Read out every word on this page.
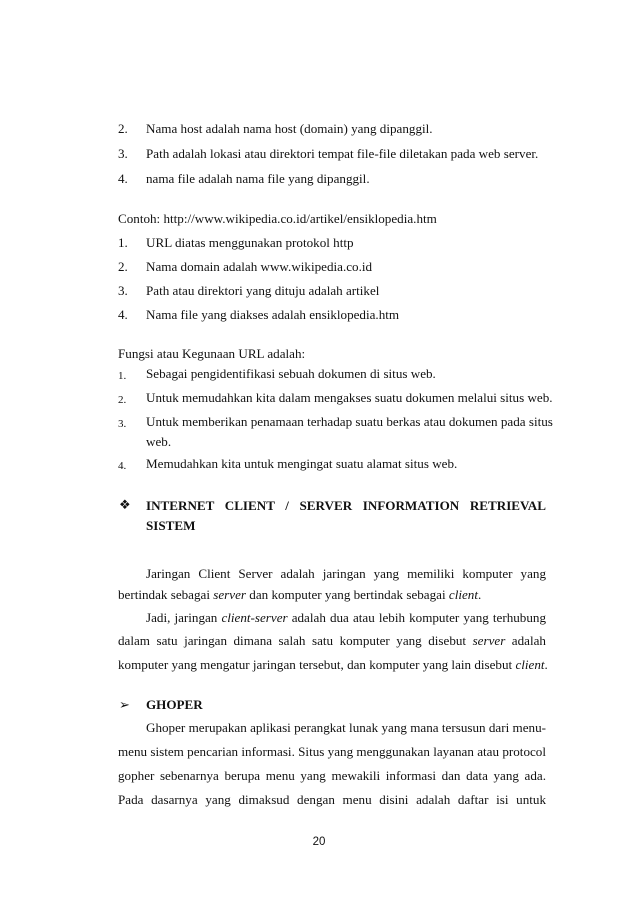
2. Nama host adalah nama host (domain) yang dipanggil.
3. Path adalah lokasi atau direktori tempat file-file diletakan pada web server.
4. nama file adalah nama file yang dipanggil.
Contoh: http://www.wikipedia.co.id/artikel/ensiklopedia.htm
1. URL diatas menggunakan protokol http
2. Nama domain adalah www.wikipedia.co.id
3. Path atau direktori yang dituju adalah artikel
4. Nama file yang diakses adalah ensiklopedia.htm
Fungsi atau Kegunaan URL adalah:
1. Sebagai pengidentifikasi sebuah dokumen di situs web.
2. Untuk memudahkan kita dalam mengakses suatu dokumen melalui situs web.
3. Untuk memberikan penamaan terhadap suatu berkas atau dokumen pada situs
web.
4. Memudahkan kita untuk mengingat suatu alamat situs web.
❖ INTERNET CLIENT / SERVER INFORMATION RETRIEVAL
SISTEM
Jaringan Client Server adalah jaringan yang memiliki komputer yang
bertindak sebagai server dan komputer yang bertindak sebagai client.
Jadi, jaringan client-server adalah dua atau lebih komputer yang terhubung
dalam satu jaringan dimana salah satu komputer yang disebut server adalah
komputer yang mengatur jaringan tersebut, dan komputer yang lain disebut client.
➢ GHOPER
Ghoper merupakan aplikasi perangkat lunak yang mana tersusun dari menu-
menu sistem pencarian informasi. Situs yang menggunakan layanan atau protocol
gopher sebenarnya berupa menu yang mewakili informasi dan data yang ada.
Pada dasarnya yang dimaksud dengan menu disini adalah daftar isi untuk
20
